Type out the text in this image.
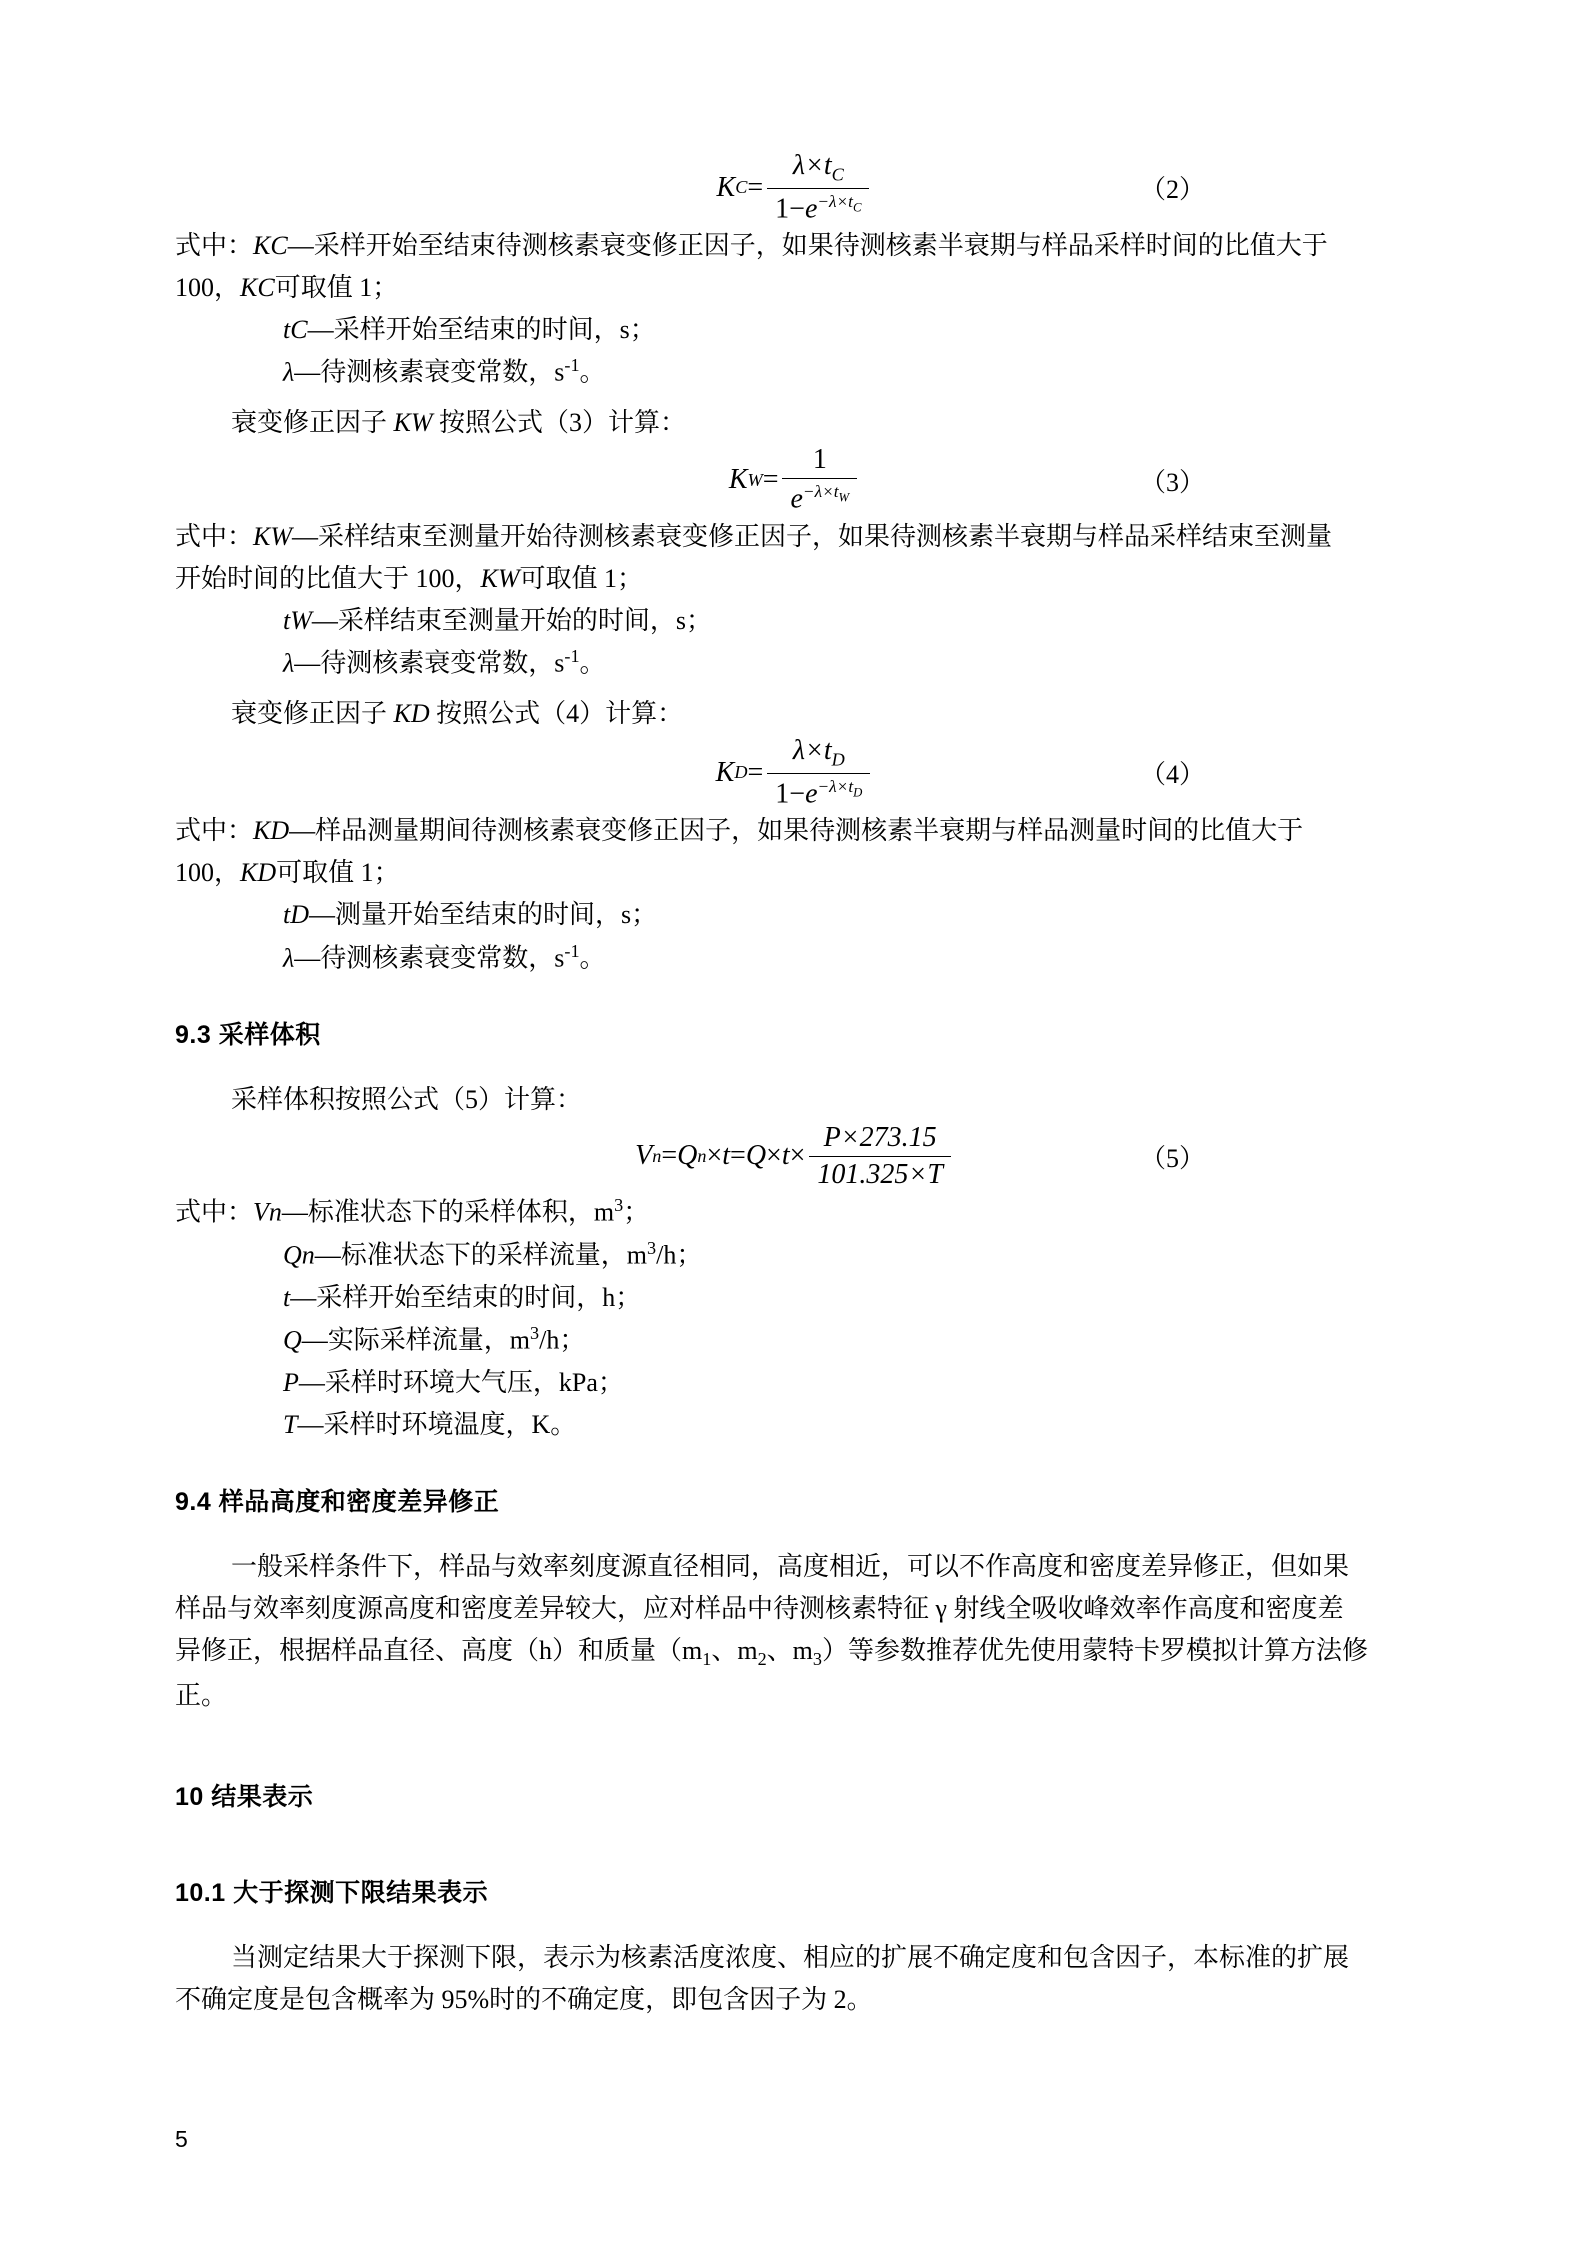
K $C = \frac{\lambda\times t_C}{1-e^{-\lambda\times t_C}}$	（2）

式中：KC—采样开始至结束待测核素衰变修正因子，如果待测核素半衰期与样品采样时间的比值大于

100，KC可取值 1；

tC—采样开始至结束的时间，s；

λ—待测核素衰变常数，$s^{-1}$。

衰变修正因子 KW 按照公式（3）计算：

K $W = \frac{1}{e^{-\lambda\times t_W}}$	（3）

式中：KW—采样结束至测量开始待测核素衰变修正因子，如果待测核素半衰期与样品采样结束至测量

开始时间的比值大于 100，KW可取值 1；

tW—采样结束至测量开始的时间，s；

λ—待测核素衰变常数，$s^{-1}$。

衰变修正因子 KD 按照公式（4）计算：

K $D = \frac{\lambda\times t_D}{1-e^{-\lambda\times t_D}}$	（4）

式中：KD—样品测量期间待测核素衰变修正因子，如果待测核素半衰期与样品测量时间的比值大于

100，KD可取值 1；

tD—测量开始至结束的时间，s；

λ—待测核素衰变常数，$s^{-1}$。

9.3 采样体积

采样体积按照公式（5）计算：

V n = Q $n \times t = Q \times t \times \frac{P\times 273.15}{101.325\times T}$	（5）

式中：Vn—标准状态下的采样体积，$m^3$；

Qn—标准状态下的采样流量，$m^3/h$；

t—采样开始至结束的时间，h；

Q—实际采样流量，$m^3/h$；

P—采样时环境大气压，kPa；

T—采样时环境温度，K。

9.4 样品高度和密度差异修正

一般采样条件下，样品与效率刻度源直径相同，高度相近，可以不作高度和密度差异修正，但如果

样品与效率刻度源高度和密度差异较大，应对样品中待测核素特征 γ 射线全吸收峰效率作高度和密度差

异修正，根据样品直径、高度（h）和质量（$m_1$、$m_2$、$m_3$）等参数推荐优先使用蒙特卡罗模拟计算方法修

正。

10 结果表示
10.1 大于探测下限结果表示

当测定结果大于探测下限，表示为核素活度浓度、相应的扩展不确定度和包含因子，本标准的扩展

不确定度是包含概率为 95%时的不确定度，即包含因子为 2。

5
